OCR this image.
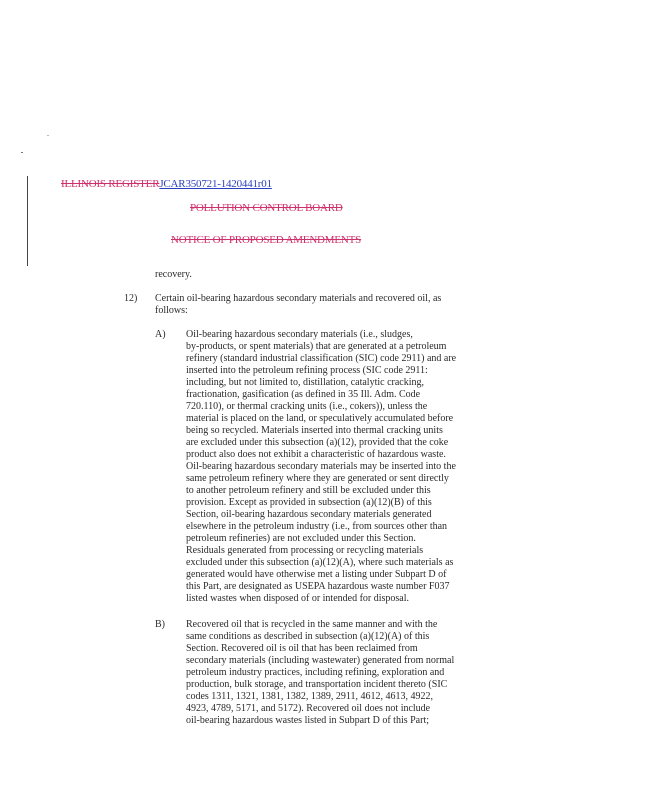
ILLINOIS REGISTERJCAR350721-1420441r01
POLLUTION CONTROL BOARD
NOTICE OF PROPOSED AMENDMENTS
recovery.
12) Certain oil-bearing hazardous secondary materials and recovered oil, as
follows:
A) Oil-bearing hazardous secondary materials (i.e., sludges,
by-products, or spent materials) that are generated at a petroleum
refinery (standard industrial classification (SIC) code 2911) and are
inserted into the petroleum refining process (SIC code 2911:
including, but not limited to, distillation, catalytic cracking,
fractionation, gasification (as defined in 35 Ill. Adm. Code
720.110), or thermal cracking units (i.e., cokers)), unless the
material is placed on the land, or speculatively accumulated before
being so recycled. Materials inserted into thermal cracking units
are excluded under this subsection (a)(12), provided that the coke
product also does not exhibit a characteristic of hazardous waste.
Oil-bearing hazardous secondary materials may be inserted into the
same petroleum refinery where they are generated or sent directly
to another petroleum refinery and still be excluded under this
provision. Except as provided in subsection (a)(12)(B) of this
Section, oil-bearing hazardous secondary materials generated
elsewhere in the petroleum industry (i.e., from sources other than
petroleum refineries) are not excluded under this Section.
Residuals generated from processing or recycling materials
excluded under this subsection (a)(12)(A), where such materials as
generated would have otherwise met a listing under Subpart D of
this Part, are designated as USEPA hazardous waste number F037
listed wastes when disposed of or intended for disposal.
B) Recovered oil that is recycled in the same manner and with the
same conditions as described in subsection (a)(12)(A) of this
Section. Recovered oil is oil that has been reclaimed from
secondary materials (including wastewater) generated from normal
petroleum industry practices, including refining, exploration and
production, bulk storage, and transportation incident thereto (SIC
codes 1311, 1321, 1381, 1382, 1389, 2911, 4612, 4613, 4922,
4923, 4789, 5171, and 5172). Recovered oil does not include
oil-bearing hazardous wastes listed in Subpart D of this Part;
